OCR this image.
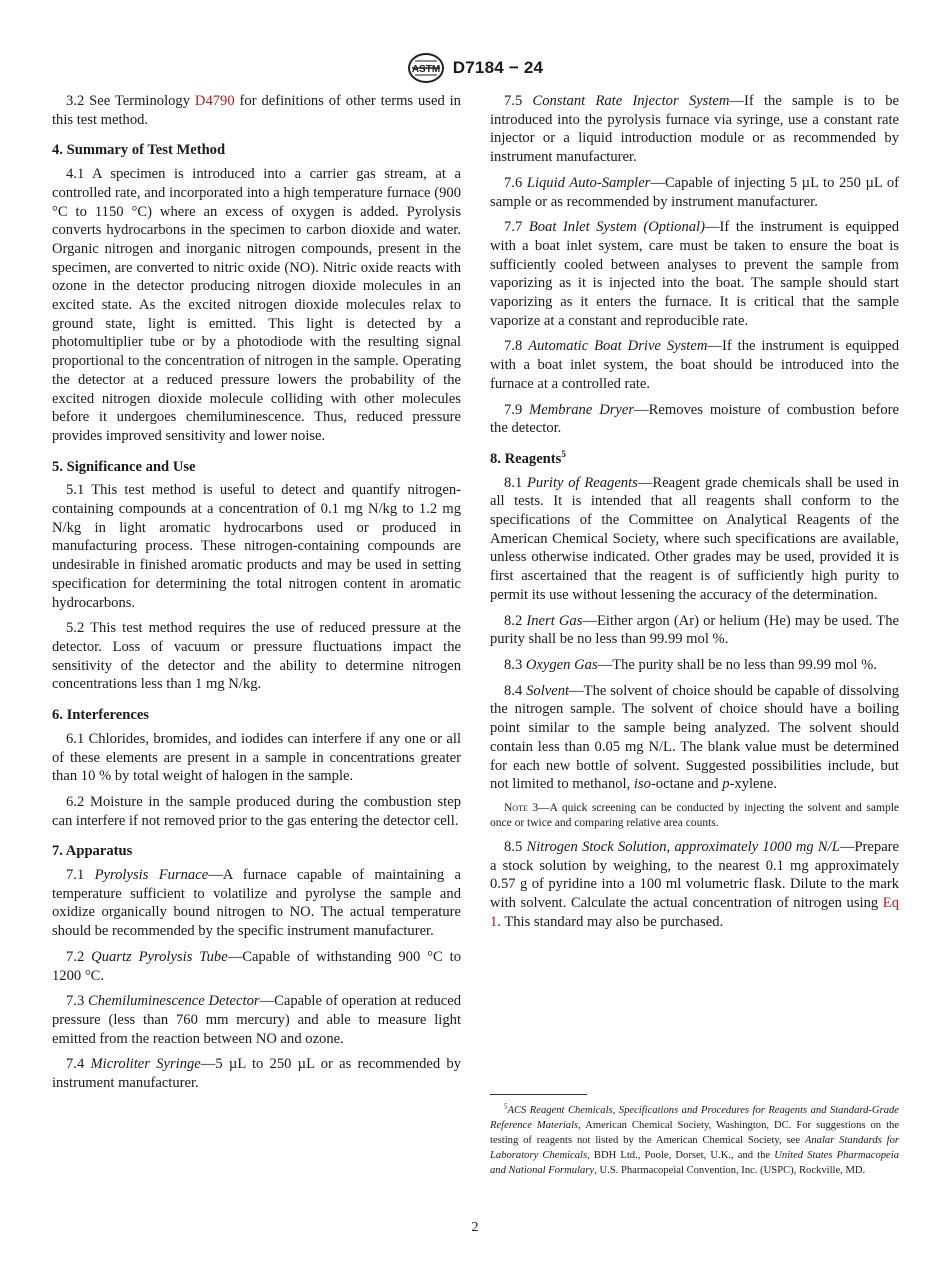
ASTM D7184 − 24

3.2 See Terminology D4790 for definitions of other terms used in this test method.

4. Summary of Test Method

4.1 A specimen is introduced into a carrier gas stream, at a controlled rate, and incorporated into a high temperature furnace (900 °C to 1150 °C) where an excess of oxygen is added. Pyrolysis converts hydrocarbons in the specimen to carbon dioxide and water. Organic nitrogen and inorganic nitrogen compounds, present in the specimen, are converted to nitric oxide (NO). Nitric oxide reacts with ozone in the detector producing nitrogen dioxide molecules in an excited state. As the excited nitrogen dioxide molecules relax to ground state, light is emitted. This light is detected by a photomultiplier tube or by a photodiode with the resulting signal proportional to the concentration of nitrogen in the sample. Operating the detector at a reduced pressure lowers the probability of the excited nitrogen dioxide molecule colliding with other molecules before it undergoes chemiluminescence. Thus, reduced pressure provides improved sensitivity and lower noise.

5. Significance and Use

5.1 This test method is useful to detect and quantify nitrogen-containing compounds at a concentration of 0.1 mg N/kg to 1.2 mg N/kg in light aromatic hydrocarbons used or produced in manufacturing process. These nitrogen-containing compounds are undesirable in finished aromatic products and may be used in setting specification for determining the total nitrogen content in aromatic hydrocarbons.

5.2 This test method requires the use of reduced pressure at the detector. Loss of vacuum or pressure fluctuations impact the sensitivity of the detector and the ability to determine nitrogen concentrations less than 1 mg N/kg.

6. Interferences

6.1 Chlorides, bromides, and iodides can interfere if any one or all of these elements are present in a sample in concentrations greater than 10 % by total weight of halogen in the sample.

6.2 Moisture in the sample produced during the combustion step can interfere if not removed prior to the gas entering the detector cell.

7. Apparatus

7.1 Pyrolysis Furnace—A furnace capable of maintaining a temperature sufficient to volatilize and pyrolyse the sample and oxidize organically bound nitrogen to NO. The actual temperature should be recommended by the specific instrument manufacturer.

7.2 Quartz Pyrolysis Tube—Capable of withstanding 900 °C to 1200 °C.

7.3 Chemiluminescence Detector—Capable of operation at reduced pressure (less than 760 mm mercury) and able to measure light emitted from the reaction between NO and ozone.

7.4 Microliter Syringe—5 µL to 250 µL or as recommended by instrument manufacturer.

7.5 Constant Rate Injector System—If the sample is to be introduced into the pyrolysis furnace via syringe, use a constant rate injector or a liquid introduction module or as recommended by instrument manufacturer.

7.6 Liquid Auto-Sampler—Capable of injecting 5 µL to 250 µL of sample or as recommended by instrument manufacturer.

7.7 Boat Inlet System (Optional)—If the instrument is equipped with a boat inlet system, care must be taken to ensure the boat is sufficiently cooled between analyses to prevent the sample from vaporizing as it is injected into the boat. The sample should start vaporizing as it enters the furnace. It is critical that the sample vaporize at a constant and reproducible rate.

7.8 Automatic Boat Drive System—If the instrument is equipped with a boat inlet system, the boat should be introduced into the furnace at a controlled rate.

7.9 Membrane Dryer—Removes moisture of combustion before the detector.

8. Reagents$^5$

8.1 Purity of Reagents—Reagent grade chemicals shall be used in all tests. It is intended that all reagents shall conform to the specifications of the Committee on Analytical Reagents of the American Chemical Society, where such specifications are available, unless otherwise indicated. Other grades may be used, provided it is first ascertained that the reagent is of sufficiently high purity to permit its use without lessening the accuracy of the determination.

8.2 Inert Gas—Either argon (Ar) or helium (He) may be used. The purity shall be no less than 99.99 mol %.

8.3 Oxygen Gas—The purity shall be no less than 99.99 mol %.

8.4 Solvent—The solvent of choice should be capable of dissolving the nitrogen sample. The solvent of choice should have a boiling point similar to the sample being analyzed. The solvent should contain less than 0.05 mg N/L. The blank value must be determined for each new bottle of solvent. Suggested possibilities include, but not limited to methanol, iso-octane and p-xylene.

Note 3—A quick screening can be conducted by injecting the solvent and sample once or twice and comparing relative area counts.

8.5 Nitrogen Stock Solution, approximately 1000 mg N/L—Prepare a stock solution by weighing, to the nearest 0.1 mg approximately 0.57 g of pyridine into a 100 ml volumetric flask. Dilute to the mark with solvent. Calculate the actual concentration of nitrogen using Eq 1. This standard may also be purchased.

$^5$ACS Reagent Chemicals, Specifications and Procedures for Reagents and Standard-Grade Reference Materials, American Chemical Society, Washington, DC. For suggestions on the testing of reagents not listed by the American Chemical Society, see Analar Standards for Laboratory Chemicals, BDH Ltd., Poole, Dorset, U.K., and the United States Pharmacopeia and National Formulary, U.S. Pharmacopeial Convention, Inc. (USPC), Rockville, MD.
2
